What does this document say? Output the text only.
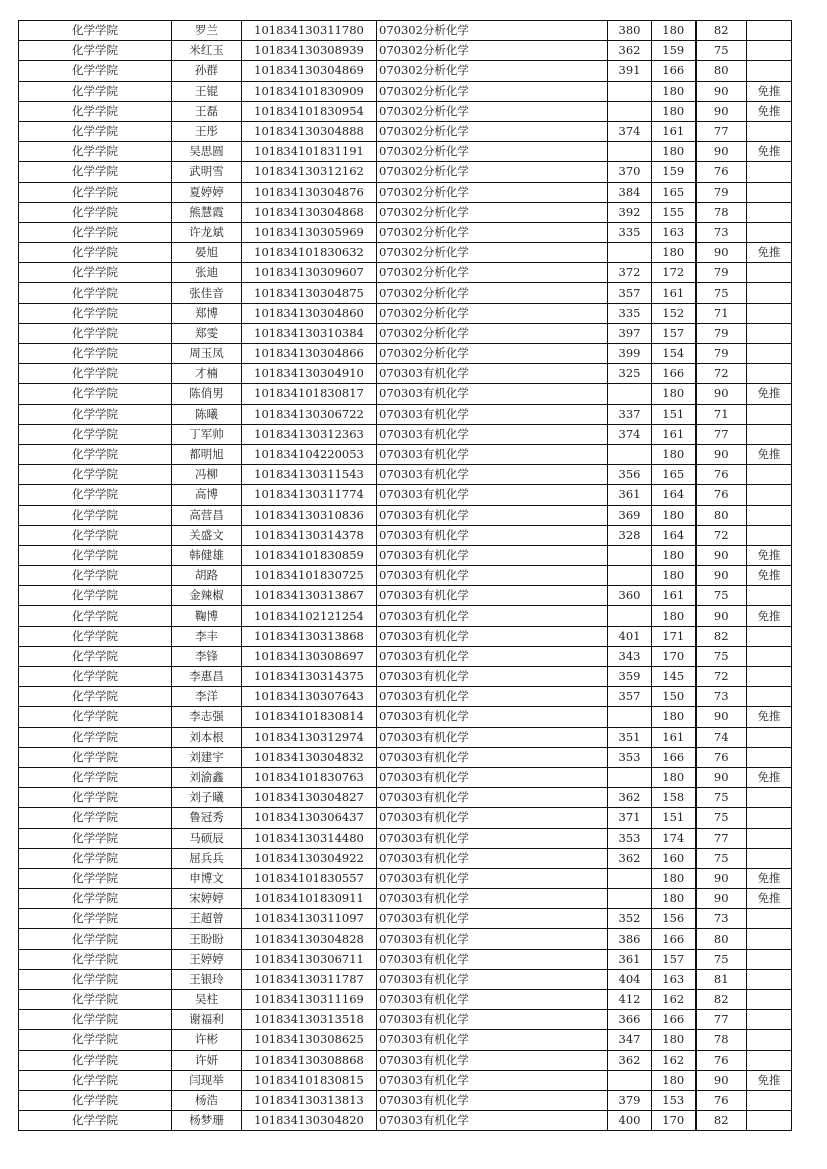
化学学院	罗兰	101834130311780	070302分析化学	380	180	82	
化学学院	米红玉	101834130308939	070302分析化学	362	159	75	
化学学院	孙群	101834130304869	070302分析化学	391	166	80	
化学学院	王锟	101834101830909	070302分析化学		180	90	免推
化学学院	王磊	101834101830954	070302分析化学		180	90	免推
化学学院	王彤	101834130304888	070302分析化学	374	161	77	
化学学院	吴思圆	101834101831191	070302分析化学		180	90	免推
化学学院	武明雪	101834130312162	070302分析化学	370	159	76	
化学学院	夏婷婷	101834130304876	070302分析化学	384	165	79	
化学学院	熊慧霞	101834130304868	070302分析化学	392	155	78	
化学学院	许龙斌	101834130305969	070302分析化学	335	163	73	
化学学院	晏旭	101834101830632	070302分析化学		180	90	免推
化学学院	张迪	101834130309607	070302分析化学	372	172	79	
化学学院	张佳音	101834130304875	070302分析化学	357	161	75	
化学学院	郑博	101834130304860	070302分析化学	335	152	71	
化学学院	郑雯	101834130310384	070302分析化学	397	157	79	
化学学院	周玉凤	101834130304866	070302分析化学	399	154	79	
化学学院	才楠	101834130304910	070303有机化学	325	166	72	
化学学院	陈俏男	101834101830817	070303有机化学		180	90	免推
化学学院	陈曦	101834130306722	070303有机化学	337	151	71	
化学学院	丁军帅	101834130312363	070303有机化学	374	161	77	
化学学院	都明旭	101834104220053	070303有机化学		180	90	免推
化学学院	冯柳	101834130311543	070303有机化学	356	165	76	
化学学院	高博	101834130311774	070303有机化学	361	164	76	
化学学院	高营昌	101834130310836	070303有机化学	369	180	80	
化学学院	关盛文	101834130314378	070303有机化学	328	164	72	
化学学院	韩健雄	101834101830859	070303有机化学		180	90	免推
化学学院	胡路	101834101830725	070303有机化学		180	90	免推
化学学院	金辣椒	101834130313867	070303有机化学	360	161	75	
化学学院	鞠博	101834102121254	070303有机化学		180	90	免推
化学学院	李丰	101834130313868	070303有机化学	401	171	82	
化学学院	李锋	101834130308697	070303有机化学	343	170	75	
化学学院	李惠昌	101834130314375	070303有机化学	359	145	72	
化学学院	李洋	101834130307643	070303有机化学	357	150	73	
化学学院	李志强	101834101830814	070303有机化学		180	90	免推
化学学院	刘本根	101834130312974	070303有机化学	351	161	74	
化学学院	刘建宇	101834130304832	070303有机化学	353	166	76	
化学学院	刘渝鑫	101834101830763	070303有机化学		180	90	免推
化学学院	刘子曦	101834130304827	070303有机化学	362	158	75	
化学学院	鲁冠秀	101834130306437	070303有机化学	371	151	75	
化学学院	马硕辰	101834130314480	070303有机化学	353	174	77	
化学学院	屈兵兵	101834130304922	070303有机化学	362	160	75	
化学学院	申博文	101834101830557	070303有机化学		180	90	免推
化学学院	宋婷婷	101834101830911	070303有机化学		180	90	免推
化学学院	王超曾	101834130311097	070303有机化学	352	156	73	
化学学院	王盼盼	101834130304828	070303有机化学	386	166	80	
化学学院	王婷婷	101834130306711	070303有机化学	361	157	75	
化学学院	王银玲	101834130311787	070303有机化学	404	163	81	
化学学院	吴柱	101834130311169	070303有机化学	412	162	82	
化学学院	谢福利	101834130313518	070303有机化学	366	166	77	
化学学院	许彬	101834130308625	070303有机化学	347	180	78	
化学学院	许妍	101834130308868	070303有机化学	362	162	76	
化学学院	闫现举	101834101830815	070303有机化学		180	90	免推
化学学院	杨浩	101834130313813	070303有机化学	379	153	76	
化学学院	杨梦珊	101834130304820	070303有机化学	400	170	82	
